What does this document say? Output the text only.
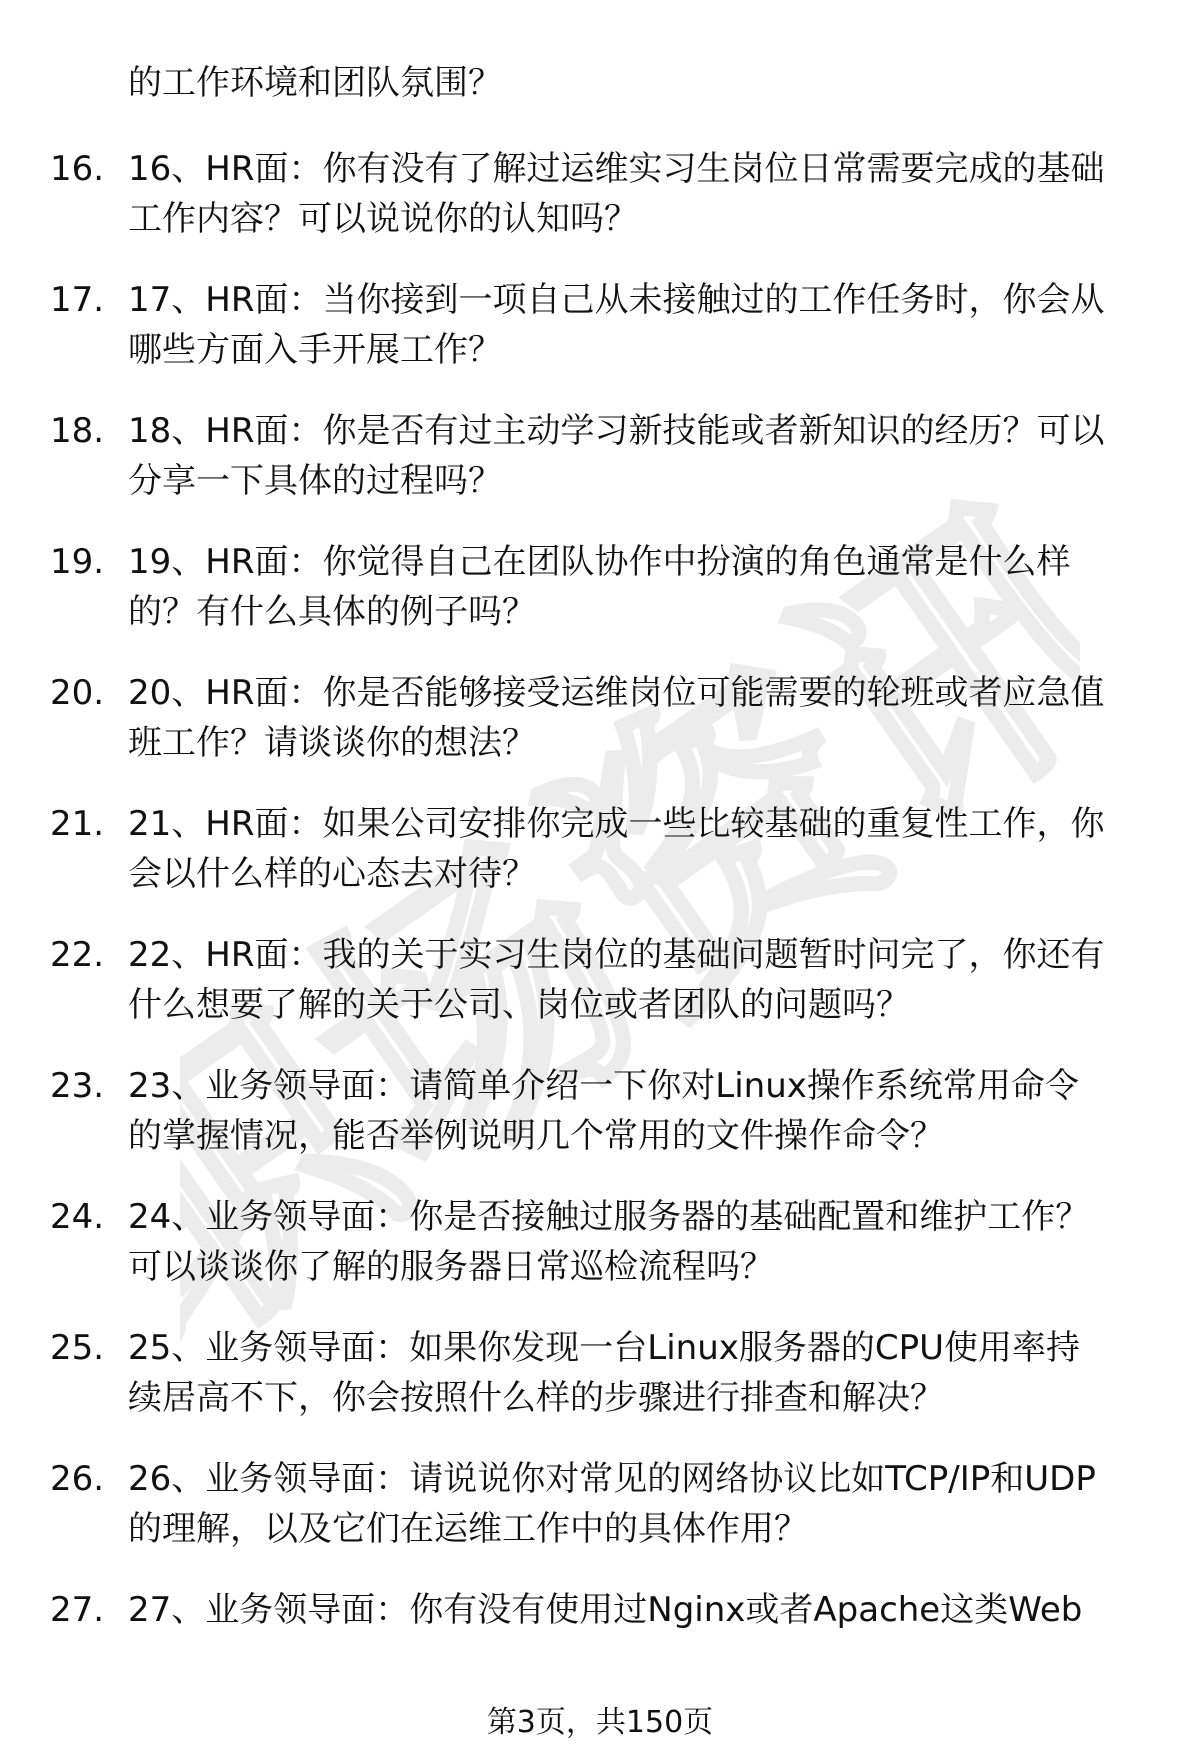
职场资讯
的工作环境和团队氛围？
16. 16、HR面：你有没有了解过运维实习生岗位日常需要完成的基础
工作内容？可以说说你的认知吗？
17. 17、HR面：当你接到一项自己从未接触过的工作任务时，你会从
哪些方面入手开展工作？
18. 18、HR面：你是否有过主动学习新技能或者新知识的经历？可以
分享一下具体的过程吗？
19. 19、HR面：你觉得自己在团队协作中扮演的角色通常是什么样
的？有什么具体的例子吗？
20. 20、HR面：你是否能够接受运维岗位可能需要的轮班或者应急值
班工作？请谈谈你的想法？
21. 21、HR面：如果公司安排你完成一些比较基础的重复性工作，你
会以什么样的心态去对待？
22. 22、HR面：我的关于实习生岗位的基础问题暂时问完了，你还有
什么想要了解的关于公司、岗位或者团队的问题吗？
23. 23、业务领导面：请简单介绍一下你对Linux操作系统常用命令
的掌握情况，能否举例说明几个常用的文件操作命令？
24. 24、业务领导面：你是否接触过服务器的基础配置和维护工作？
可以谈谈你了解的服务器日常巡检流程吗？
25. 25、业务领导面：如果你发现一台Linux服务器的CPU使用率持
续居高不下，你会按照什么样的步骤进行排查和解决？
26. 26、业务领导面：请说说你对常见的网络协议比如TCP/IP和UDP
的理解，以及它们在运维工作中的具体作用？
27. 27、业务领导面：你有没有使用过Nginx或者Apache这类Web
第3页，共150页
